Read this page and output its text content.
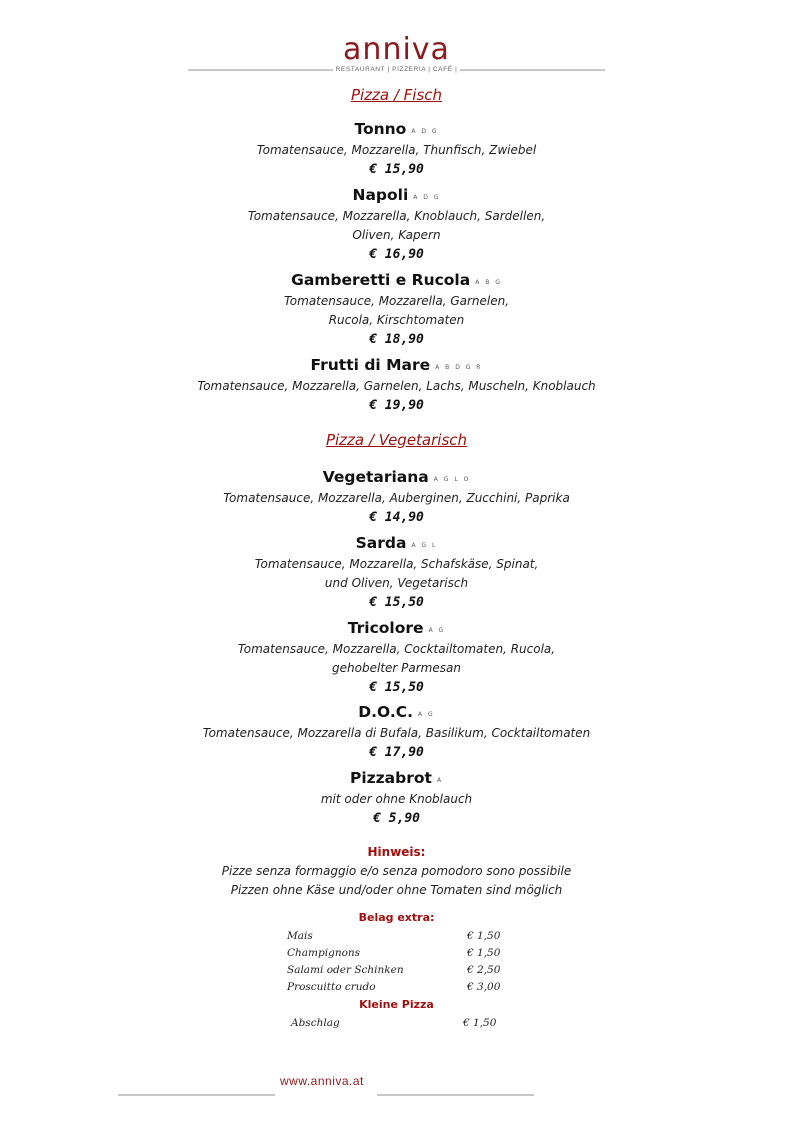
anniva
RESTAURANT | PIZZERIA | CAFÉ |
Pizza / Fisch
Tonno A D G
Tomatensauce, Mozzarella, Thunfisch, Zwiebel
€ 15,90
Napoli A D G
Tomatensauce, Mozzarella, Knoblauch, Sardellen,
Oliven, Kapern
€ 16,90
Gamberetti e Rucola A B G
Tomatensauce, Mozzarella, Garnelen,
Rucola, Kirschtomaten
€ 18,90
Frutti di Mare A B D G R
Tomatensauce, Mozzarella, Garnelen, Lachs, Muscheln, Knoblauch
€ 19,90
Pizza / Vegetarisch
Vegetariana A G L O
Tomatensauce, Mozzarella, Auberginen, Zucchini, Paprika
€ 14,90
Sarda A G L
Tomatensauce, Mozzarella, Schafskäse, Spinat,
und Oliven, Vegetarisch
€ 15,50
Tricolore A G
Tomatensauce, Mozzarella, Cocktailtomaten, Rucola,
gehobelter Parmesan
€ 15,50
D.O.C. A G
Tomatensauce, Mozzarella di Bufala, Basilikum, Cocktailtomaten
€ 17,90
Pizzabrot A
mit oder ohne Knoblauch
€ 5,90
Hinweis:
Pizze senza formaggio e/o senza pomodoro sono possibile
Pizzen ohne Käse und/oder ohne Tomaten sind möglich
Belag extra:
Mais	€ 1,50
Champignons	€ 1,50
Salami oder Schinken	€ 2,50
Proscuitto crudo	€ 3,00
Kleine Pizza
Abschlag	€ 1,50
www.anniva.at
